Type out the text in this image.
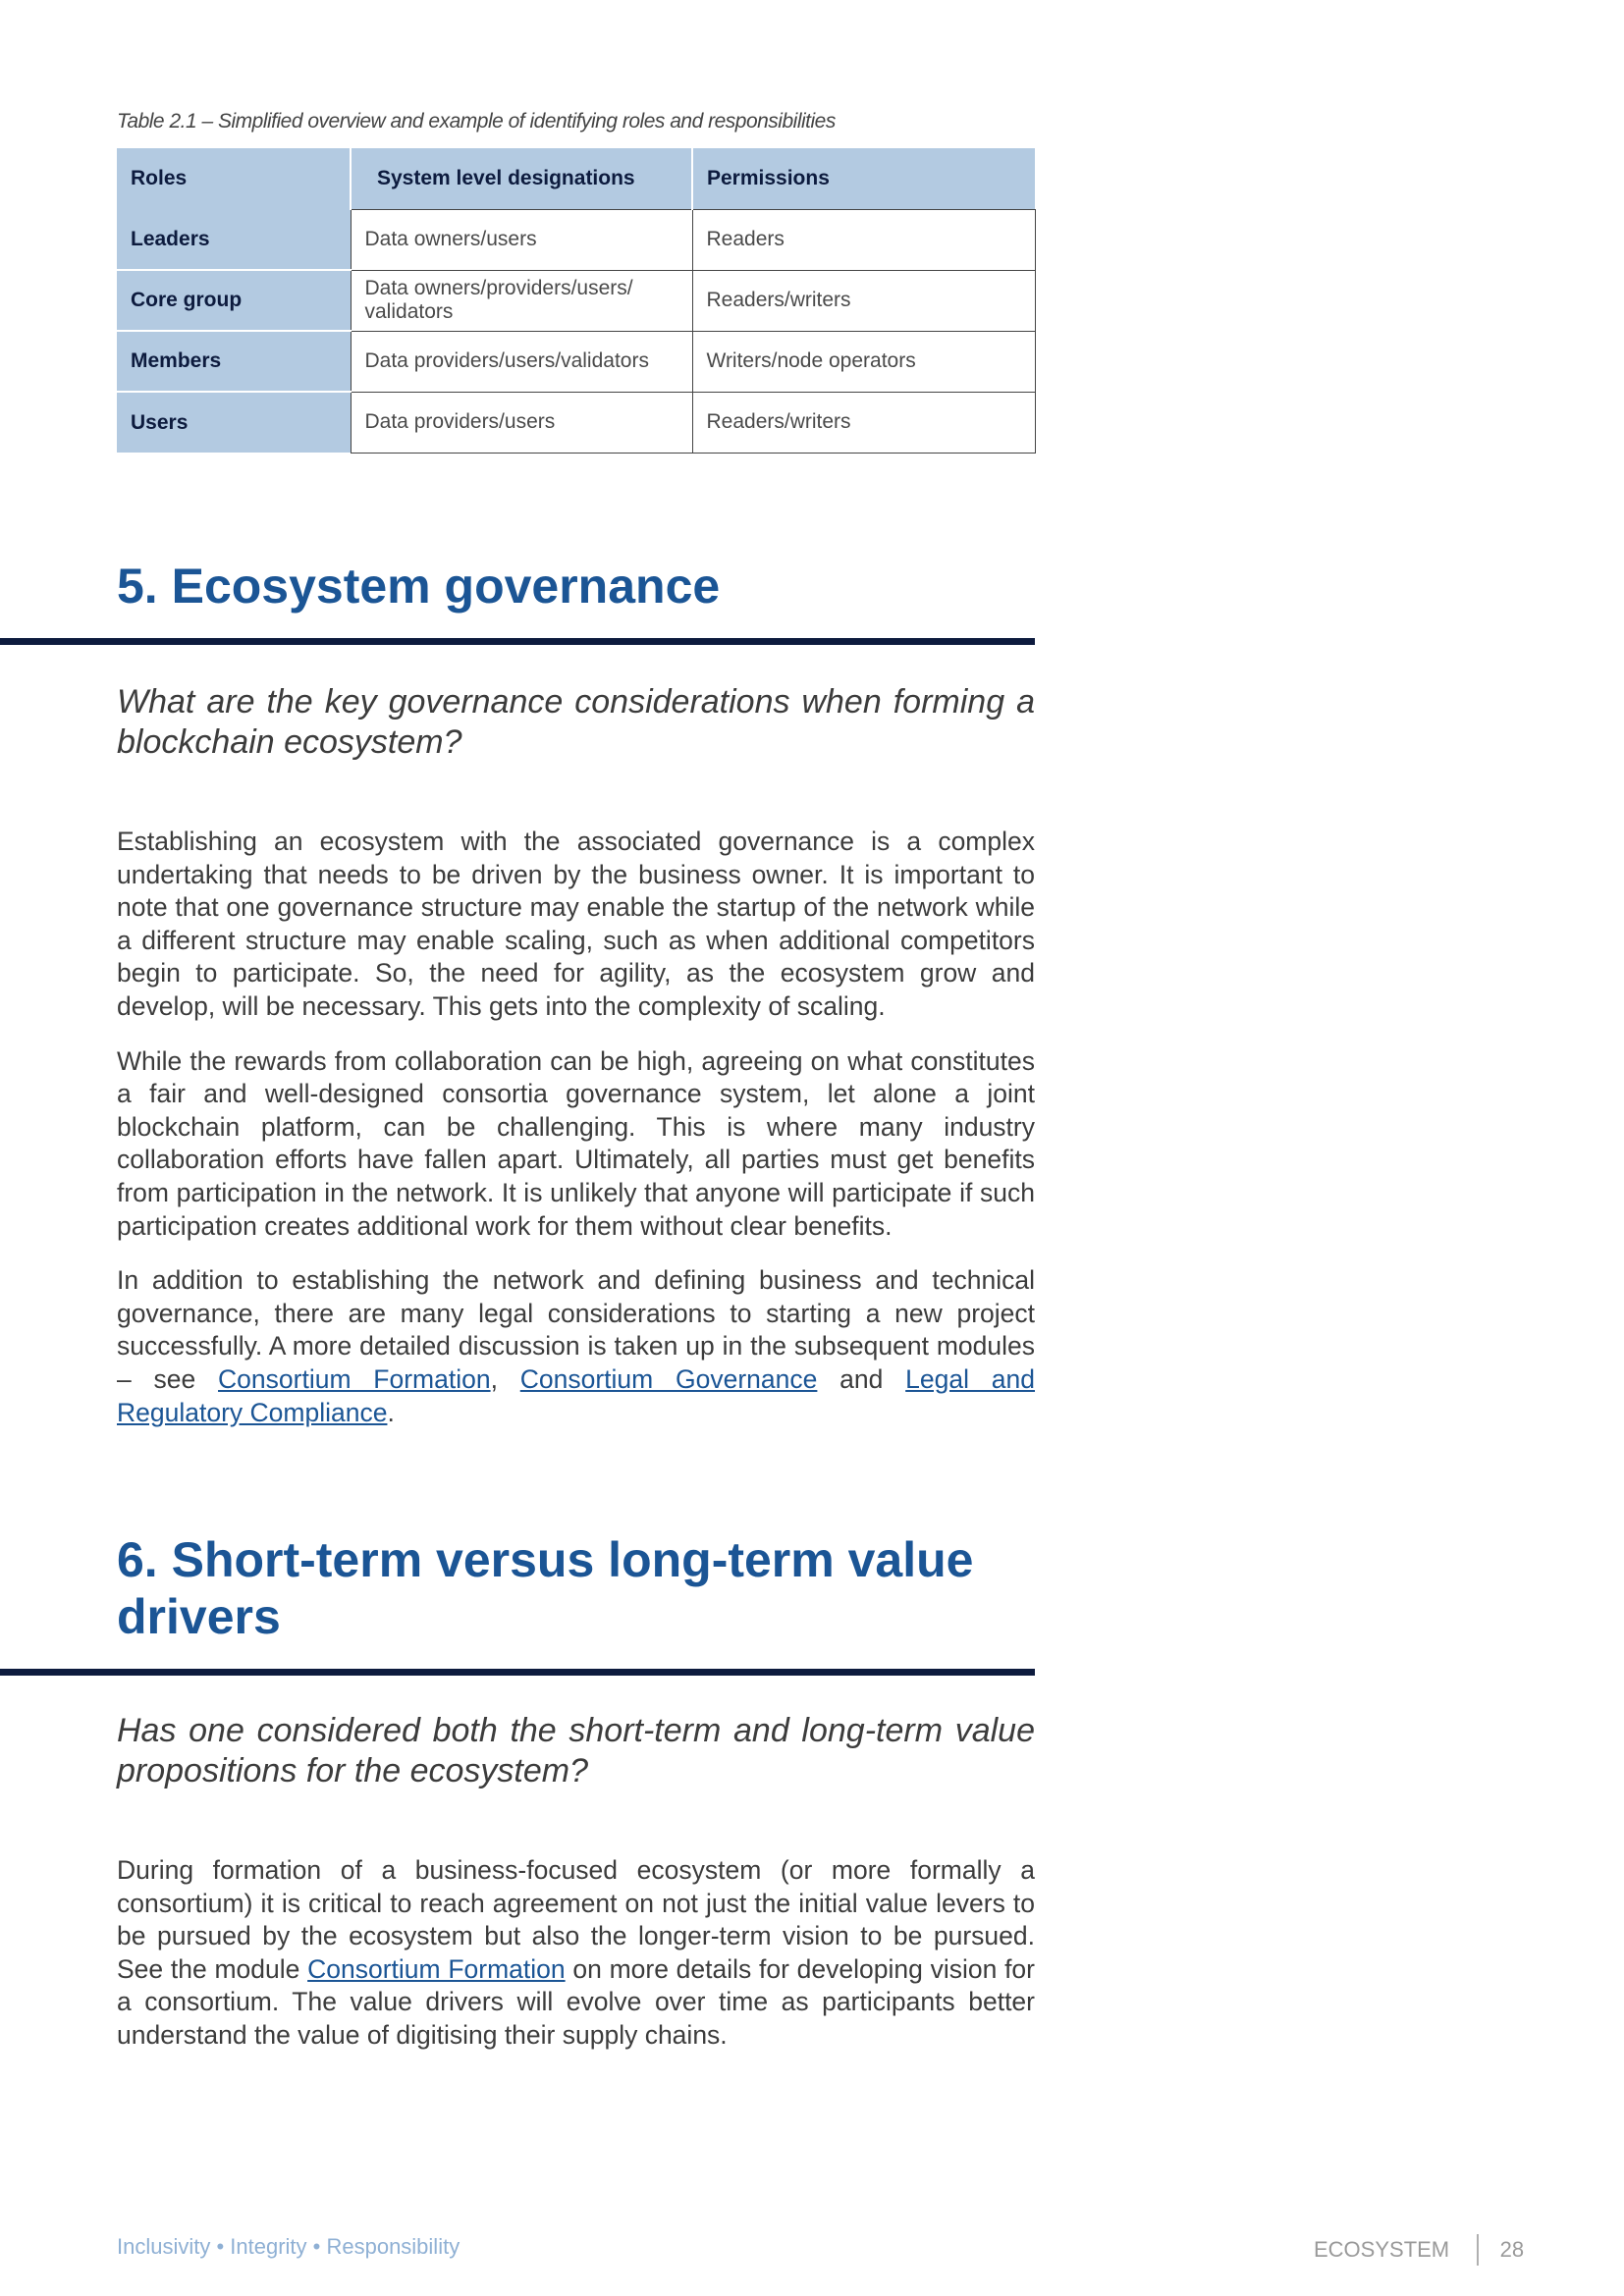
Table 2.1 – Simplified overview and example of identifying roles and responsibilities
Roles	System level designations	Permissions
Leaders	Data owners/users	Readers
Core group	Data owners/providers/users/ validators	Readers/writers
Members	Data providers/users/validators	Writers/node operators
Users	Data providers/users	Readers/writers
5. Ecosystem governance

What are the key governance considerations when forming a blockchain ecosystem?

Establishing an ecosystem with the associated governance is a complex undertaking that needs to be driven by the business owner. It is important to note that one governance structure may enable the startup of the network while a different structure may enable scaling, such as when additional competitors begin to participate. So, the need for agility, as the ecosystem grow and develop, will be necessary. This gets into the complexity of scaling.

While the rewards from collaboration can be high, agreeing on what constitutes a fair and well-designed consortia governance system, let alone a joint blockchain platform, can be challenging. This is where many industry collaboration efforts have fallen apart. Ultimately, all parties must get benefits from participation in the network. It is unlikely that anyone will participate if such participation creates additional work for them without clear benefits.

In addition to establishing the network and defining business and technical governance, there are many legal considerations to starting a new project successfully. A more detailed discussion is taken up in the subsequent modules – see Consortium Formation, Consortium Governance and Legal and Regulatory Compliance.

6. Short-term versus long-term value drivers

Has one considered both the short-term and long-term value propositions for the ecosystem?

During formation of a business-focused ecosystem (or more formally a consortium) it is critical to reach agreement on not just the initial value levers to be pursued by the ecosystem but also the longer-term vision to be pursued. See the module Consortium Formation on more details for developing vision for a consortium. The value drivers will evolve over time as participants better understand the value of digitising their supply chains.

Inclusivity • Integrity • Responsibility	ECOSYSTEM 28
